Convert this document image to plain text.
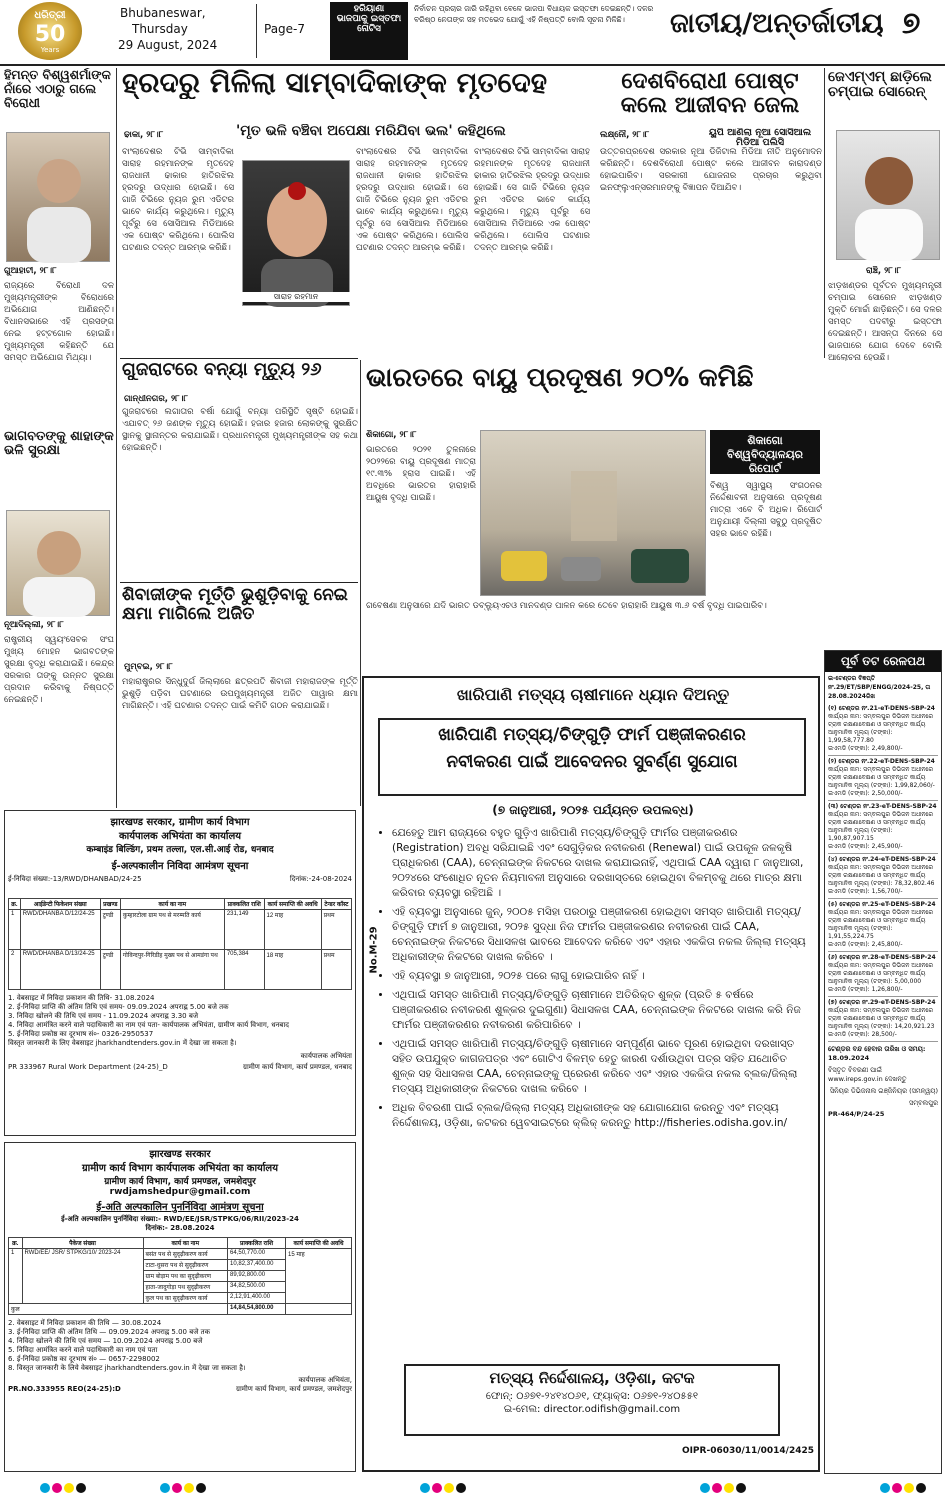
ଧରିତ୍ରୀ
50
Years
Bhubaneswar,
Thursday
29 August, 2024
Page-7
ହରିୟାଣା
ଭାଜପାକୁ ଇସ୍ତଫା
ନୋଟିସ
ନିର୍ବାଚନ ପ୍ରଚାର ଜାରି ରହିଥିବା ବେଳେ ଭାଜପା ବିଧାୟକ ଇସ୍ତଫା ଦେଇଛନ୍ତି। ଦଳର ବରିଷ୍ଠ ନେତାଙ୍କ ସହ ମତଭେଦ ଯୋଗୁଁ ଏହି ନିଷ୍ପତ୍ତି ବୋଲି ସୂଚନା ମିଳିଛି।	ଜାତୀୟ/ଅନ୍ତର୍ଜାତୀୟ ୭
ହିମନ୍ତ ବିଶ୍ୱଶର୍ମାଙ୍କ ନାଁରେ ଏଠାରୁ ଗଲେ ବିରୋଧୀ
ଗୁଆହାଟୀ, ୨୮।୮
ରାଜ୍ୟରେ ବିରୋଧୀ ଦଳ ମୁଖ୍ୟମନ୍ତ୍ରୀଙ୍କ ବିରୋଧରେ ଅଭିଯୋଗ ଆଣିଛନ୍ତି। ବିଧାନସଭାରେ ଏହି ପ୍ରସଙ୍ଗ ନେଇ ହଟ୍ଟଗୋଳ ହୋଇଛି। ମୁଖ୍ୟମନ୍ତ୍ରୀ କହିଛନ୍ତି ଯେ ସମସ୍ତ ଅଭିଯୋଗ ମିଥ୍ୟା।
ଭାଗବତଙ୍କୁ ଶାହାଙ୍କ ଭଳି ସୁରକ୍ଷା
ନୂଆଦିଲ୍ଲୀ, ୨୮।୮
ରାଷ୍ଟ୍ରୀୟ ସ୍ୱୟଂସେବକ ସଂଘ ମୁଖ୍ୟ ମୋହନ ଭାଗବତଙ୍କ ସୁରକ୍ଷା ବୃଦ୍ଧି କରାଯାଇଛି। କେନ୍ଦ୍ର ସରକାର ତାଙ୍କୁ ଉନ୍ନତ ସୁରକ୍ଷା ପ୍ରଦାନ କରିବାକୁ ନିଷ୍ପତ୍ତି ନେଇଛନ୍ତି।
ହ୍ରଦରୁ ମିଳିଲା ସାମ୍ବାଦିକାଙ୍କ ମୃତଦେହ
'ମୃତ ଭଳି ବଞ୍ଚିବା ଅପେକ୍ଷା ମରିଯିବା ଭଲ' କହିଥିଲେ
ଢାକା, ୨୮।୮
ବାଂଲାଦେଶର ଟିଭି ସାମ୍ବାଦିକା ସାରାହ ରହମାନଙ୍କ ମୃତଦେହ ରାଜଧାନୀ ଢାକାର ହାତିରଝିଲ ହ୍ରଦରୁ ଉଦ୍ଧାର ହୋଇଛି। ସେ ଗାଜି ଟିଭିରେ ନ୍ୟୁଜ ରୁମ ଏଡିଟର ଭାବେ କାର୍ଯ୍ୟ କରୁଥିଲେ। ମୃତ୍ୟୁ ପୂର୍ବରୁ ସେ ସୋସିଆଲ ମିଡିଆରେ ଏକ ପୋଷ୍ଟ କରିଥିଲେ। ପୋଲିସ ଘଟଣାର ତଦନ୍ତ ଆରମ୍ଭ କରିଛି।
ସାରାହ ରହମାନ
ବାଂଲାଦେଶର ଟିଭି ସାମ୍ବାଦିକା ସାରାହ ରହମାନଙ୍କ ମୃତଦେହ ରାଜଧାନୀ ଢାକାର ହାତିରଝିଲ ହ୍ରଦରୁ ଉଦ୍ଧାର ହୋଇଛି। ସେ ଗାଜି ଟିଭିରେ ନ୍ୟୁଜ ରୁମ ଏଡିଟର ଭାବେ କାର୍ଯ୍ୟ କରୁଥିଲେ। ମୃତ୍ୟୁ ପୂର୍ବରୁ ସେ ସୋସିଆଲ ମିଡିଆରେ ଏକ ପୋଷ୍ଟ କରିଥିଲେ। ପୋଲିସ ଘଟଣାର ତଦନ୍ତ ଆରମ୍ଭ କରିଛି।
ବାଂଲାଦେଶର ଟିଭି ସାମ୍ବାଦିକା ସାରାହ ରହମାନଙ୍କ ମୃତଦେହ ରାଜଧାନୀ ଢାକାର ହାତିରଝିଲ ହ୍ରଦରୁ ଉଦ୍ଧାର ହୋଇଛି। ସେ ଗାଜି ଟିଭିରେ ନ୍ୟୁଜ ରୁମ ଏଡିଟର ଭାବେ କାର୍ଯ୍ୟ କରୁଥିଲେ। ମୃତ୍ୟୁ ପୂର୍ବରୁ ସେ ସୋସିଆଲ ମିଡିଆରେ ଏକ ପୋଷ୍ଟ କରିଥିଲେ। ପୋଲିସ ଘଟଣାର ତଦନ୍ତ ଆରମ୍ଭ କରିଛି।
ଦେଶବିରୋଧୀ ପୋଷ୍ଟ କଲେ ଆଜୀବନ ଜେଲ
ୟୁପି ଆଣିଲା ନୂଆ ସୋସିଆଲ ମିଡିଆ ପଲିସି
ଲକ୍ଷ୍ନୌ, ୨୮।୮
ଉତ୍ତରପ୍ରଦେଶ ସରକାର ନୂଆ ଡିଜିଟାଲ ମିଡିଆ ନୀତି ଅନୁମୋଦନ କରିଛନ୍ତି। ଦେଶବିରୋଧୀ ପୋଷ୍ଟ କଲେ ଆଜୀବନ କାରାଦଣ୍ଡ ହୋଇପାରିବ। ସରକାରୀ ଯୋଜନାର ପ୍ରଚାର କରୁଥିବା ଇନଫ୍ଲୁଏନ୍ସରମାନଙ୍କୁ ବିଜ୍ଞାପନ ଦିଆଯିବ।
ଜେଏମ୍ଏମ୍ ଛାଡ଼ିଲେ ଚମ୍ପାଇ ସୋରେନ୍
ରାଞ୍ଚି, ୨୮।୮
ଝାଡ଼ଖଣ୍ଡର ପୂର୍ବତନ ମୁଖ୍ୟମନ୍ତ୍ରୀ ଚମ୍ପାଇ ସୋରେନ ଝାଡ଼ଖଣ୍ଡ ମୁକ୍ତି ମୋର୍ଚ୍ଚା ଛାଡ଼ିଛନ୍ତି। ସେ ଦଳର ସମସ୍ତ ପଦବୀରୁ ଇସ୍ତଫା ଦେଇଛନ୍ତି। ଆସନ୍ତା ଦିନରେ ସେ ଭାଜପାରେ ଯୋଗ ଦେବେ ବୋଲି ଆଲୋଚନା ହେଉଛି।
ଗୁଜରାଟରେ ବନ୍ୟା ମୃତ୍ୟୁ ୨୬
ଗାନ୍ଧୀନଗର, ୨୮।୮
ଗୁଜରାଟରେ ଲଗାତାର ବର୍ଷା ଯୋଗୁଁ ବନ୍ୟା ପରିସ୍ଥିତି ସୃଷ୍ଟି ହୋଇଛି। ଏଯାବତ୍ ୨୬ ଜଣଙ୍କ ମୃତ୍ୟୁ ହୋଇଛି। ହଜାର ହଜାର ଲୋକଙ୍କୁ ସୁରକ୍ଷିତ ସ୍ଥାନକୁ ସ୍ଥାନାନ୍ତର କରାଯାଇଛି। ପ୍ରଧାନମନ୍ତ୍ରୀ ମୁଖ୍ୟମନ୍ତ୍ରୀଙ୍କ ସହ କଥା ହୋଇଛନ୍ତି।
ଶିବାଜୀଙ୍କ ମୂର୍ତ୍ତି ଭୁଶୁଡ଼ିବାକୁ ନେଇ କ୍ଷମା ମାଗିଲେ ଅଜିତ
ମୁମ୍ବଇ, ୨୮।୮
ମହାରାଷ୍ଟ୍ରର ସିନ୍ଧୁଦୁର୍ଗ ଜିଲ୍ଲାରେ ଛତ୍ରପତି ଶିବାଜୀ ମହାରାଜଙ୍କ ମୂର୍ତ୍ତି ଭୁଶୁଡ଼ି ପଡ଼ିବା ଘଟଣାରେ ଉପମୁଖ୍ୟମନ୍ତ୍ରୀ ଅଜିତ ପାୱାର କ୍ଷମା ମାଗିଛନ୍ତି। ଏହି ଘଟଣାର ତଦନ୍ତ ପାଇଁ କମିଟି ଗଠନ କରାଯାଇଛି।
ଭାରତରେ ବାୟୁ ପ୍ରଦୂଷଣ ୨୦% କମିଛି
ଶିକାଗୋ, ୨୮।୮
ଭାରତରେ ୨୦୨୧ ତୁଳନାରେ ୨୦୨୨ରେ ବାୟୁ ପ୍ରଦୂଷଣ ମାତ୍ରା ୧୯.୩% ହ୍ରାସ ପାଇଛି। ଏହି ଅବଧିରେ ଭାରତର ହାରାହାରି ଆୟୁଷ ବୃଦ୍ଧି ପାଇଛି।
ଶିକାଗୋ ବିଶ୍ୱବିଦ୍ୟାଳୟର ରିପୋର୍ଟ
ବିଶ୍ୱ ସ୍ୱାସ୍ଥ୍ୟ ସଂଗଠନର ନିର୍ଦ୍ଦେଶାବଳୀ ଅନୁସାରେ ପ୍ରଦୂଷଣ ମାତ୍ରା ଏବେ ବି ଅଧିକ। ରିପୋର୍ଟ ଅନୁଯାୟୀ ଦିଲ୍ଲୀ ସବୁଠୁ ପ୍ରଦୂଷିତ ସହର ଭାବେ ରହିଛି।
ଗବେଷଣା ଅନୁସାରେ ଯଦି ଭାରତ ଡବ୍ଲ୍ୟୁଏଚଓ ମାନଦଣ୍ଡ ପାଳନ କରେ ତେବେ ହାରାହାରି ଆୟୁଷ ୩.୬ ବର୍ଷ ବୃଦ୍ଧି ପାଇପାରିବ।
ଖାରିପାଣି ମତ୍ସ୍ୟ ଚାଷୀମାନେ ଧ୍ୟାନ ଦିଅନ୍ତୁ
ଖାରିପାଣି ମତ୍ସ୍ୟ/ଚିଙ୍ଗୁଡ଼ି ଫାର୍ମ ପଞ୍ଜୀକରଣର
ନବୀକରଣ ପାଇଁ ଆବେଦନର ସୁବର୍ଣ୍ଣ ସୁଯୋଗ
(୭ ଜାନୁଆରୀ, ୨୦୨୫ ପର୍ଯ୍ୟନ୍ତ ଉପଲବ୍ଧ)
No.M-29
• ଯେହେତୁ ଆମ ରାଜ୍ୟରେ ବହୁତ ଗୁଡ଼ିଏ ଖାରିପାଣି ମତ୍ସ୍ୟ/ଚିଙ୍ଗୁଡ଼ି ଫାର୍ମର ପଞ୍ଜୀକରଣର (Registration) ଅବଧି ସରିଯାଇଛି ଏବଂ ସେଗୁଡ଼ିକର ନବୀକରଣ (Renewal) ପାଇଁ ଉପକୂଳ ଜଳକୃଷି ପ୍ରାଧିକରଣ (CAA), ଚେନ୍ନାଇଙ୍କ ନିକଟରେ ଦାଖଲ କରାଯାଇନାହିଁ, ଏଥିପାଇଁ CAA ଦ୍ୱାରା ୮ ଜାନୁଆରୀ, ୨୦୨୪ରେ ସଂଶୋଧିତ ନୂତନ ନିୟମାବଳୀ ଅନୁସାରେ ଦରଖାସ୍ତରେ ହୋଇଥିବା ବିଳମ୍ବକୁ ଥରେ ମାତ୍ର କ୍ଷମା କରିବାର ବ୍ୟବସ୍ଥା ରହିଅଛି ।
• ଏହି ବ୍ୟବସ୍ଥା ଅନୁସାରେ ଜୁନ୍, ୨୦୦୫ ମସିହା ପରଠାରୁ ପଞ୍ଜୀକରଣ ହୋଇଥିବା ସମସ୍ତ ଖାରିପାଣି ମତ୍ସ୍ୟ/ ଚିଙ୍ଗୁଡ଼ି ଫାର୍ମ ୭ ଜାନୁଆରୀ, ୨୦୨୫ ସୁଦ୍ଧା ନିଜ ଫାର୍ମର ପଞ୍ଜୀକରଣର ନବୀକରଣ ପାଇଁ CAA, ଚେନ୍ନାଇଙ୍କ ନିକଟରେ ସିଧାସଳଖ ଭାବରେ ଆବେଦନ କରିବେ ଏବଂ ଏହାର ଏକକିତା ନକଲ ଜିଲ୍ଲା ମତ୍ସ୍ୟ ଅଧିକାରୀଙ୍କ ନିକଟରେ ଦାଖଲ କରିବେ ।
• ଏହି ବ୍ୟବସ୍ଥା ୭ ଜାନୁଆରୀ, ୨୦୨୫ ପରେ ଲାଗୁ ହୋଇପାରିବ ନାହିଁ ।
• ଏଥିପାଇଁ ସମସ୍ତ ଖାରିପାଣି ମତ୍ସ୍ୟ/ଚିଙ୍ଗୁଡ଼ି ଚାଷୀମାନେ ଅତିରିକ୍ତ ଶୁଳ୍କ (ପ୍ରତି ୫ ବର୍ଷରେ ପଞ୍ଜୀକରଣର ନବୀକରଣ ଶୁଳ୍କର ଦୁଇଗୁଣା) ସିଧାସଳଖ CAA, ଚେନ୍ନାଇଙ୍କ ନିକଟରେ ଦାଖଲ କରି ନିଜ ଫାର୍ମର ପଞ୍ଜୀକରଣର ନବୀକରଣ କରିପାରିବେ ।
• ଏଥିପାଇଁ ସମସ୍ତ ଖାରିପାଣି ମତ୍ସ୍ୟ/ଚିଙ୍ଗୁଡ଼ି ଚାଷୀମାନେ ସମ୍ପୂର୍ଣ୍ଣ ଭାବେ ପୂରଣ ହୋଇଥିବା ଦରଖାସ୍ତ ସହିତ ଉପଯୁକ୍ତ କାଗଜପତ୍ର ଏବଂ ଗୋଟିଏ ବିଳମ୍ବ ହେତୁ କାରଣ ଦର୍ଶାଉଥିବା ପତ୍ର ସହିତ ଯଥୋଚିତ ଶୁଳ୍କ ସହ ସିଧାସଳଖ CAA, ଚେନ୍ନାଇଙ୍କୁ ପ୍ରେରଣ କରିବେ ଏବଂ ଏହାର ଏକକିତା ନକଲ ବ୍ଲକ/ଜିଲ୍ଲା ମତ୍ସ୍ୟ ଅଧିକାରୀଙ୍କ ନିକଟରେ ଦାଖଲ କରିବେ ।
• ଅଧିକ ବିବରଣୀ ପାଇଁ ବ୍ଲକ/ଜିଲ୍ଲା ମତ୍ସ୍ୟ ଅଧିକାରୀଙ୍କ ସହ ଯୋଗାଯୋଗ କରନ୍ତୁ ଏବଂ ମତ୍ସ୍ୟ ନିର୍ଦ୍ଦେଶାଳୟ, ଓଡ଼ିଶା, କଟକର ୱେବସାଇଟ୍‌ରେ କ୍ଲିକ୍ କରନ୍ତୁ http://fisheries.odisha.gov.in/
ମତ୍ସ୍ୟ ନିର୍ଦ୍ଦେଶାଳୟ, ଓଡ଼ିଶା, କଟକ
ଫୋନ୍: ୦୬୭୧-୨୪୧୪୦୬୧, ଫ୍ୟାକ୍ସ: ୦୬୭୧-୨୪୦୫୫୧
ଇ-ମେଲ: director.odifish@gmail.com
OIPR-06030/11/0014/2425
झारखण्ड सरकार, ग्रामीण कार्य विभाग
कार्यपालक अभियंता का कार्यालय
कम्बाइंड बिल्डिंग, प्रथम तल्ला, एल.सी.आई रोड, धनबाद
ई-अल्पकालीन निविदा आमंत्रण सूचना
ई-निविदा संख्या:-13/RWD/DHANBAD/24-25	दिनांक:-24-08-2024
क्र.	आईडेन्टी फिकेशन संख्या	प्रखण्ड	कार्य का नाम	प्राक्कलित राशि	कार्य समाप्ति की अवधि	टेन्डर कॉस्ट
1	RWD/DHANBA D/12/24-25	टुण्डी	कुम्हारटोला ग्राम पथ से मरम्मति कार्य	231,149	12 माह	प्रथम
2	RWD/DHANBA D/13/24-25	टुण्डी	गोविन्दपुर-गिरिडीह मुख्य पथ से आमडंगा पथ	705,384	18 माह	प्रथम
1. वेबसाइट में निविदा प्रकाशन की तिथि- 31.08.2024
2. ई-निविदा प्राप्ति की अंतिम तिथि एवं समय- 09.09.2024 अपराह्न 5.00 बजे तक
3. निविदा खोलने की तिथि एवं समय - 11.09.2024 अपराह्न 3.30 बजे
4. निविदा आमंत्रित करने वाले पदाधिकारी का नाम एवं पता- कार्यपालक अभियंता, ग्रामीण कार्य विभाग, धनबाद
5. ई-निविदा प्रकोष्ठ का दूरभाष सं०- 0326-2950537
विस्तृत जानकारी के लिए वेबसाइट jharkhandtenders.gov.in में देखा जा सकता है।
कार्यपालक अभियंता
PR 333967 Rural Work Department (24-25)_D	ग्रामीण कार्य विभाग, कार्य प्रमण्डल, धनबाद
झारखण्ड सरकार
ग्रामीण कार्य विभाग कार्यपालक अभियंता का कार्यालय
ग्रामीण कार्य विभाग, कार्य प्रमण्डल, जमशेदपुर
rwdjamshedpur@gmail.com
ई-अति अल्पकालिन पुनर्निविदा आमंत्रण सूचना
ई-अति अल्पकालिन पुनर्निविदा संख्या:- RWD/EE/JSR/STPKG/06/RII/2023-24
दिनांक:- 28.08.2024
क्र.	पैकेज संख्या	कार्य का नाम	प्राक्कलित राशि	कार्य समाप्ति की अवधि
1	RWD/EE/ JSR/ STPKG/10/ 2023-24	बसंत पथ से सुदृढ़ीकरण कार्य	64,50,770.00	15 माह
		टाटा-धुसरा पथ से सुदृढ़ीकरण	10,82,37,400.00	
		ग्राम बोड़ाम पथ का सुदृढ़ीकरण	89,92,800.00	
		हाता-जादुगोड़ा पथ सुदृढ़ीकरण	34,82,500.00	
		कुल पथ का सुदृढ़ीकरण कार्य	2,12,91,400.00	
कुल			14,84,54,800.00	
2. वेबसाइट में निविदा प्रकाशन की तिथि — 30.08.2024
3. ई-निविदा प्राप्ति की अंतिम तिथि — 09.09.2024 अपराह्न 5.00 बजे तक
4. निविदा खोलने की तिथि एवं समय — 10.09.2024 अपराह्न 5.00 बजे
5. निविदा आमंत्रित करने वाले पदाधिकारी का नाम एवं पता
6. ई-निविदा प्रकोष्ठ का दूरभाष सं० — 0657-2298002
8. विस्तृत जानकारी के लिये वेबसाइट jharkhandtenders.gov.in में देखा जा सकता है।
कार्यपालक अभियंता,
PR.NO.333955 REO(24-25):D	ग्रामीण कार्य विभाग, कार्य प्रमण्डल, जमशेदपुर
ପୂର୍ବ ତଟ ରେଳପଥ
ଇ-ଟେଣ୍ଡର ବିଜ୍ଞପ୍ତି ନଂ.29/ET/SBP/ENGG/2024-25, ତା 28.08.2024ରିଖ
(୧) ଟେଣ୍ଡର ନଂ.21-eT-DENS-SBP-24
କାର୍ଯ୍ୟର ନାମ: ସମ୍ବଲପୁର ଡିଭିଜନ ଅଧୀନରେ ଟ୍ରାକ ରକ୍ଷଣାବେକ୍ଷଣ ଓ ସମ୍ବନ୍ଧିତ କାର୍ଯ୍ୟ
ଆନୁମାନିକ ମୂଲ୍ୟ (ଟଙ୍କା): 1,99,58,777.80
ଇଏମଡି (ଟଙ୍କା): 2,49,800/-
(୨) ଟେଣ୍ଡର ନଂ.22-eT-DENS-SBP-24
କାର୍ଯ୍ୟର ନାମ: ସମ୍ବଲପୁର ଡିଭିଜନ ଅଧୀନରେ ଟ୍ରାକ ରକ୍ଷଣାବେକ୍ଷଣ ଓ ସମ୍ବନ୍ଧିତ କାର୍ଯ୍ୟ
ଆନୁମାନିକ ମୂଲ୍ୟ (ଟଙ୍କା): 1,99,82,060/-
ଇଏମଡି (ଟଙ୍କା): 2,50,000/-
(୩) ଟେଣ୍ଡର ନଂ.23-eT-DENS-SBP-24
କାର୍ଯ୍ୟର ନାମ: ସମ୍ବଲପୁର ଡିଭିଜନ ଅଧୀନରେ ଟ୍ରାକ ରକ୍ଷଣାବେକ୍ଷଣ ଓ ସମ୍ବନ୍ଧିତ କାର୍ଯ୍ୟ
ଆନୁମାନିକ ମୂଲ୍ୟ (ଟଙ୍କା): 1,90,87,907.15
ଇଏମଡି (ଟଙ୍କା): 2,45,900/-
(୪) ଟେଣ୍ଡର ନଂ.24-eT-DENS-SBP-24
କାର୍ଯ୍ୟର ନାମ: ସମ୍ବଲପୁର ଡିଭିଜନ ଅଧୀନରେ ଟ୍ରାକ ରକ୍ଷଣାବେକ୍ଷଣ ଓ ସମ୍ବନ୍ଧିତ କାର୍ଯ୍ୟ
ଆନୁମାନିକ ମୂଲ୍ୟ (ଟଙ୍କା): 78,32,802.46
ଇଏମଡି (ଟଙ୍କା): 1,56,700/-
(୫) ଟେଣ୍ଡର ନଂ.25-eT-DENS-SBP-24
କାର୍ଯ୍ୟର ନାମ: ସମ୍ବଲପୁର ଡିଭିଜନ ଅଧୀନରେ ଟ୍ରାକ ରକ୍ଷଣାବେକ୍ଷଣ ଓ ସମ୍ବନ୍ଧିତ କାର୍ଯ୍ୟ
ଆନୁମାନିକ ମୂଲ୍ୟ (ଟଙ୍କା): 1,91,55,224.75
ଇଏମଡି (ଟଙ୍କା): 2,45,800/-
(୬) ଟେଣ୍ଡର ନଂ.28-eT-DENS-SBP-24
କାର୍ଯ୍ୟର ନାମ: ସମ୍ବଲପୁର ଡିଭିଜନ ଅଧୀନରେ ଟ୍ରାକ ରକ୍ଷଣାବେକ୍ଷଣ ଓ ସମ୍ବନ୍ଧିତ କାର୍ଯ୍ୟ
ଆନୁମାନିକ ମୂଲ୍ୟ (ଟଙ୍କା): 5,00,000
ଇଏମଡି (ଟଙ୍କା): 1,26,800/-
(୭) ଟେଣ୍ଡର ନଂ.29-eT-DENS-SBP-24
କାର୍ଯ୍ୟର ନାମ: ସମ୍ବଲପୁର ଡିଭିଜନ ଅଧୀନରେ ଟ୍ରାକ ରକ୍ଷଣାବେକ୍ଷଣ ଓ ସମ୍ବନ୍ଧିତ କାର୍ଯ୍ୟ
ଆନୁମାନିକ ମୂଲ୍ୟ (ଟଙ୍କା): 14,20,921.23
ଇଏମଡି (ଟଙ୍କା): 28,500/-
ଟେଣ୍ଡର ବନ୍ଦ ହେବାର ତାରିଖ ଓ ସମୟ: 18.09.2024
ବିସ୍ତୃତ ବିବରଣୀ ପାଇଁ www.ireps.gov.in ଦେଖନ୍ତୁ
ସିନିୟର ଡିଭିଜନାଲ ଇଞ୍ଜିନିୟର (ସମନ୍ୱୟ)
ସମ୍ବଲପୁର
PR-464/P/24-25
